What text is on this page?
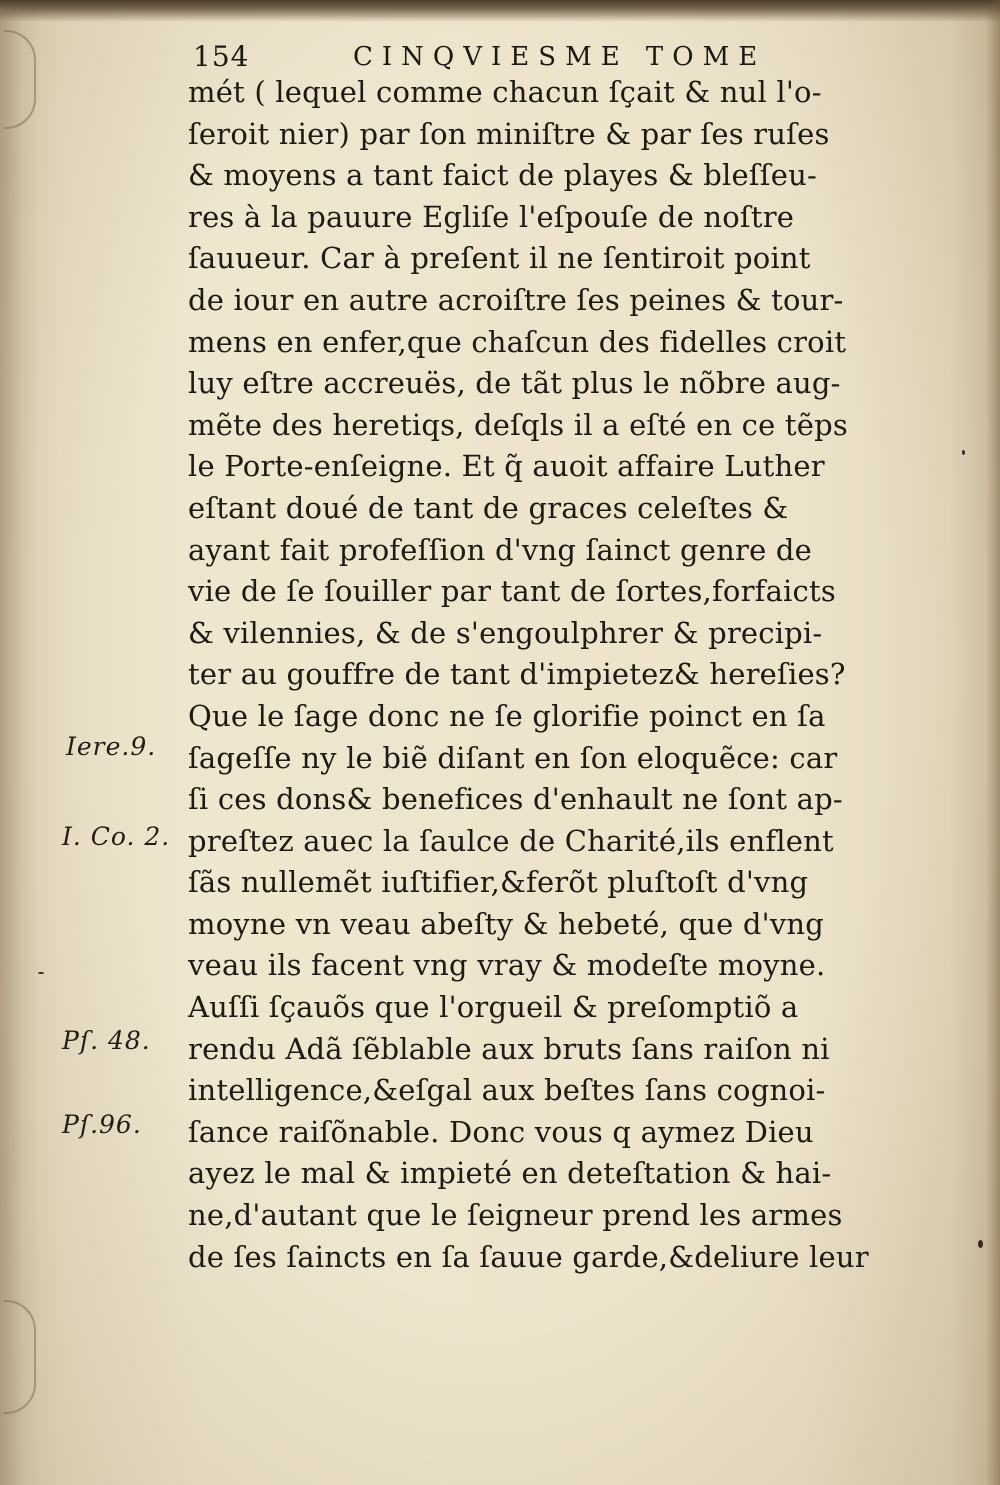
154	CINQVIESME TOME
mét ( lequel comme chacun ſçait & nul l'o-
ſeroit nier) par ſon miniſtre & par ſes ruſes
& moyens a tant faict de playes & bleſſeu-
res à la pauure Egliſe l'eſpouſe de noſtre
ſauueur. Car à preſent il ne ſentiroit point
de iour en autre acroiſtre ſes peines & tour-
mens en enfer,que chaſcun des fidelles croit
luy eſtre accreuës, de tãt plus le nõbre aug-
mẽte des heretiqs, deſqls il a eſté en ce tẽps
le Porte-enſeigne. Et q̃ auoit affaire Luther
eſtant doué de tant de graces celeſtes &
ayant fait profeſſion d'vng ſainct genre de
vie de ſe ſouiller par tant de ſortes,forfaicts
& vilennies, & de s'engoulphrer & precipi-
ter au gouffre de tant d'impietez& hereſies?
Que le ſage donc ne ſe glorifie poinct en ſa
ſageſſe ny le biẽ diſant en ſon eloquẽce: car
ſi ces dons& benefices d'enhault ne ſont ap-
preſtez auec la ſaulce de Charité,ils enflent
ſãs nullemẽt iuſtifier,&ferõt pluſtoſt d'vng
moyne vn veau abeſty & hebeté, que d'vng
veau ils facent vng vray & modeſte moyne.
Auſſi ſçauõs que l'orgueil & preſomptiõ a
rendu Adã ſẽblable aux bruts ſans raiſon ni
intelligence,&eſgal aux beſtes ſans cognoi-
ſance raiſõnable. Donc vous q aymez Dieu
ayez le mal & impieté en deteſtation & hai-
ne,d'autant que le ſeigneur prend les armes
de ſes ſaincts en ſa ſauue garde,&deliure leur
Iere.9.
I. Co. 2.
Pſ. 48.
Pſ.96.
